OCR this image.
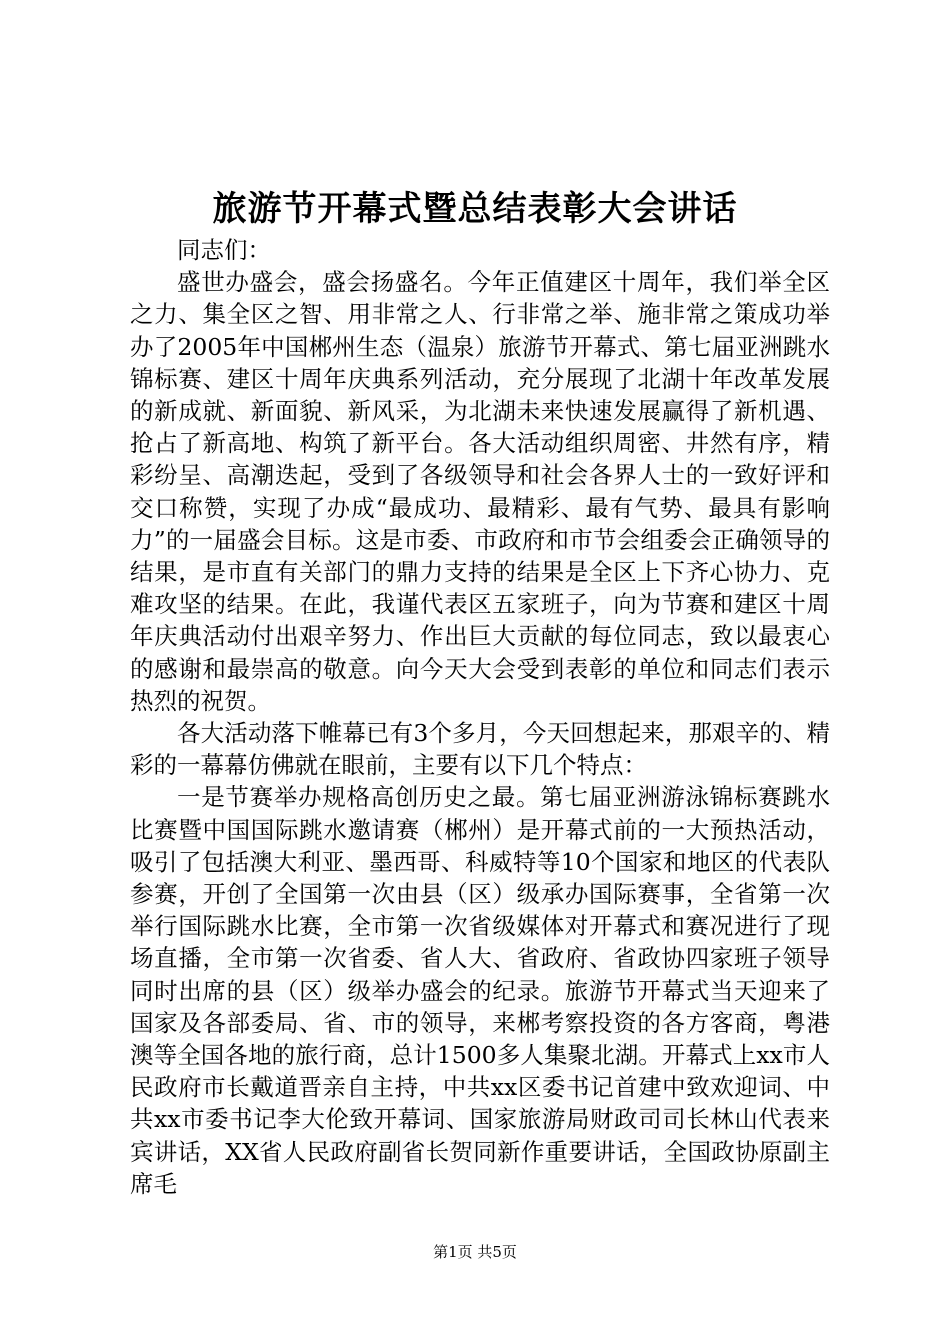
旅游节开幕式暨总结表彰大会讲话

同志们：

盛世办盛会，盛会扬盛名。今年正值建区十周年，我们举全区之力、集全区之智、用非常之人、行非常之举、施非常之策成功举办了2005年中国郴州生态（温泉）旅游节开幕式、第七届亚洲跳水锦标赛、建区十周年庆典系列活动，充分展现了北湖十年改革发展的新成就、新面貌、新风采，为北湖未来快速发展赢得了新机遇、抢占了新高地、构筑了新平台。各大活动组织周密、井然有序，精彩纷呈、高潮迭起，受到了各级领导和社会各界人士的一致好评和交口称赞，实现了办成“最成功、最精彩、最有气势、最具有影响力”的一届盛会目标。这是市委、市政府和市节会组委会正确领导的结果，是市直有关部门的鼎力支持的结果是全区上下齐心协力、克难攻坚的结果。在此，我谨代表区五家班子，向为节赛和建区十周年庆典活动付出艰辛努力、作出巨大贡献的每位同志，致以最衷心的感谢和最崇高的敬意。向今天大会受到表彰的单位和同志们表示热烈的祝贺。

各大活动落下帷幕已有3个多月，今天回想起来，那艰辛的、精彩的一幕幕仿佛就在眼前，主要有以下几个特点：

一是节赛举办规格高创历史之最。第七届亚洲游泳锦标赛跳水比赛暨中国国际跳水邀请赛（郴州）是开幕式前的一大预热活动，吸引了包括澳大利亚、墨西哥、科威特等10个国家和地区的代表队参赛，开创了全国第一次由县（区）级承办国际赛事，全省第一次举行国际跳水比赛，全市第一次省级媒体对开幕式和赛况进行了现场直播，全市第一次省委、省人大、省政府、省政协四家班子领导同时出席的县（区）级举办盛会的纪录。旅游节开幕式当天迎来了国家及各部委局、省、市的领导，来郴考察投资的各方客商，粤港澳等全国各地的旅行商，总计1500多人集聚北湖。开幕式上xx市人民政府市长戴道晋亲自主持，中共xx区委书记首建中致欢迎词、中共xx市委书记李大伦致开幕词、国家旅游局财政司司长林山代表来宾讲话，XX省人民政府副省长贺同新作重要讲话，全国政协原副主席毛

第1页 共5页
